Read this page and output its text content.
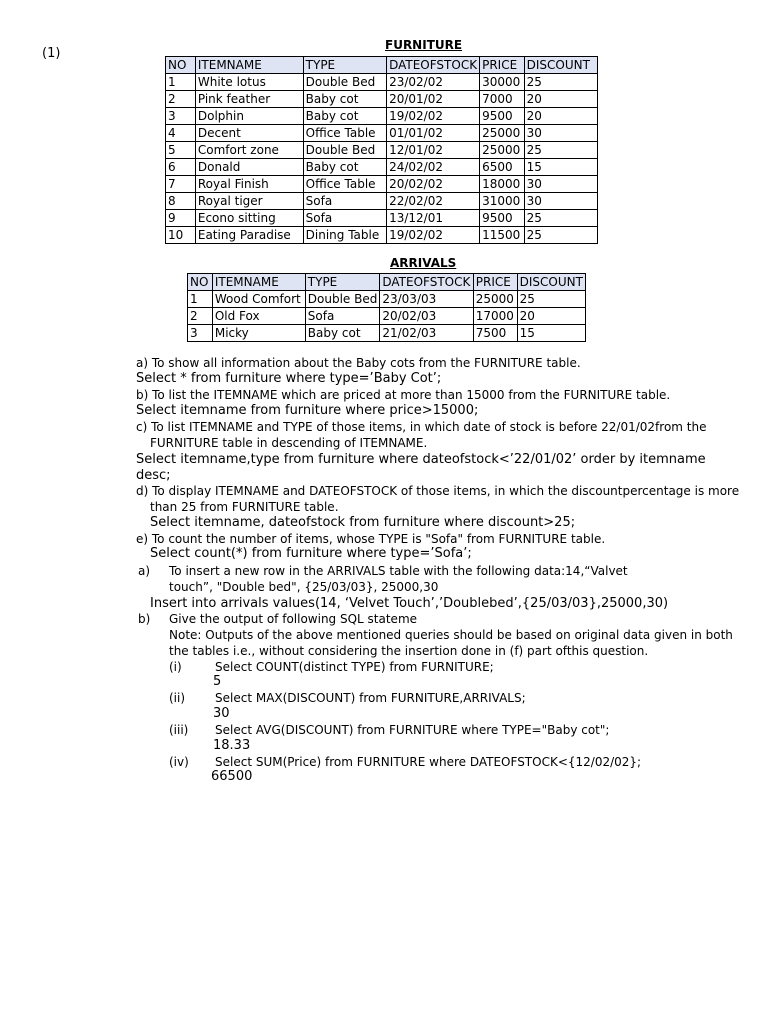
(1)
FURNITURE
NO	ITEMNAME	TYPE	DATEOFSTOCK	PRICE	DISCOUNT
1	White lotus	Double Bed	23/02/02	30000	25
2	Pink feather	Baby cot	20/01/02	7000	20
3	Dolphin	Baby cot	19/02/02	9500	20
4	Decent	Office Table	01/01/02	25000	30
5	Comfort zone	Double Bed	12/01/02	25000	25
6	Donald	Baby cot	24/02/02	6500	15
7	Royal Finish	Office Table	20/02/02	18000	30
8	Royal tiger	Sofa	22/02/02	31000	30
9	Econo sitting	Sofa	13/12/01	9500	25
10	Eating Paradise	Dining Table	19/02/02	11500	25
ARRIVALS
NO	ITEMNAME	TYPE	DATEOFSTOCK	PRICE	DISCOUNT
1	Wood Comfort	Double Bed	23/03/03	25000	25
2	Old Fox	Sofa	20/02/03	17000	20
3	Micky	Baby cot	21/02/03	7500	15
a) To show all information about the Baby cots from the FURNITURE table.
Select * from furniture where type=’Baby Cot’;
b) To list the ITEMNAME which are priced at more than 15000 from the FURNITURE table.
Select itemname from furniture where price>15000;
c) To list ITEMNAME and TYPE of those items, in which date of stock is before 22/01/02from the
FURNITURE table in descending of ITEMNAME.
Select itemname,type from furniture where dateofstock<’22/01/02’ order by itemname
desc;
d) To display ITEMNAME and DATEOFSTOCK of those items, in which the discountpercentage is more
than 25 from FURNITURE table.
Select itemname, dateofstock from furniture where discount>25;
e) To count the number of items, whose TYPE is "Sofa" from FURNITURE table.
Select count(*) from furniture where type=’Sofa’;
a) To insert a new row in the ARRIVALS table with the following data:14,“Valvet
touch”, "Double bed", {25/03/03}, 25000,30
Insert into arrivals values(14, ‘Velvet Touch’,’Doublebed’,{25/03/03},25000,30)
b) Give the output of following SQL stateme
Note: Outputs of the above mentioned queries should be based on original data given in both
the tables i.e., without considering the insertion done in (f) part ofthis question.
(i)	Select COUNT(distinct TYPE) from FURNITURE;
5
(ii) Select MAX(DISCOUNT) from FURNITURE,ARRIVALS;
30
(iii) Select AVG(DISCOUNT) from FURNITURE where TYPE="Baby cot";
18.33
(iv) Select SUM(Price) from FURNITURE where DATEOFSTOCK<{12/02/02};
66500
